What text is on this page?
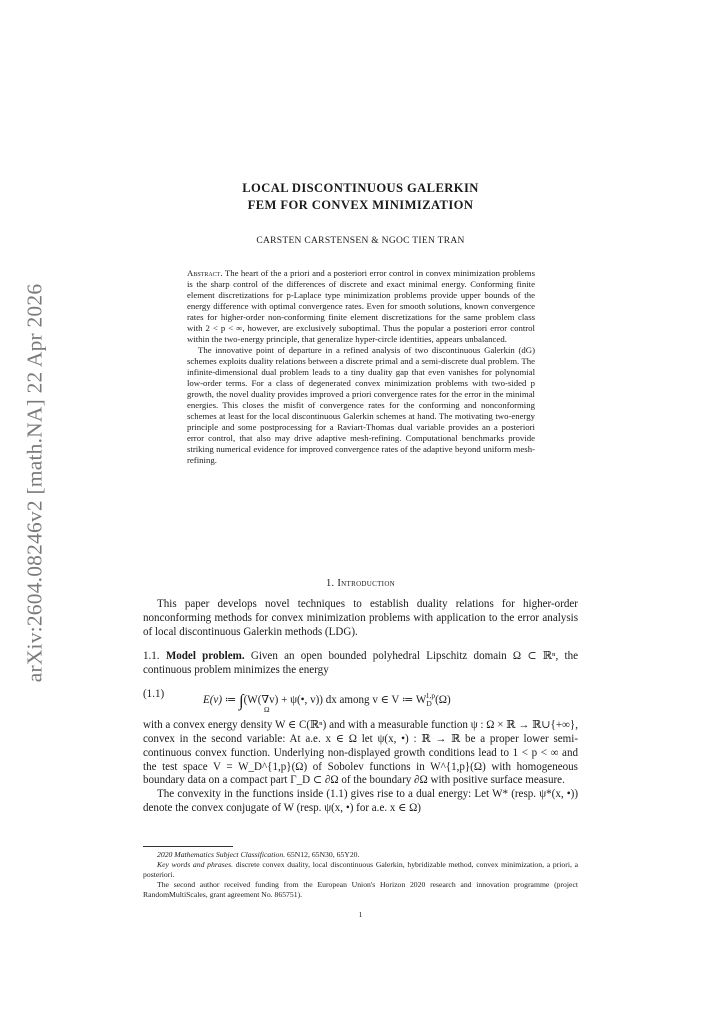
arXiv:2604.08246v2 [math.NA] 22 Apr 2026
LOCAL DISCONTINUOUS GALERKIN
FEM FOR CONVEX MINIMIZATION
CARSTEN CARSTENSEN & NGOC TIEN TRAN

Abstract. The heart of the a priori and a posteriori error control in convex minimization problems is the sharp control of the differences of discrete and exact minimal energy. Conforming finite element discretizations for p-Laplace type minimization problems provide upper bounds of the energy difference with optimal convergence rates. Even for smooth solutions, known convergence rates for higher-order non-conforming finite element discretizations for the same problem class with 2 < p < ∞, however, are exclusively suboptimal. Thus the popular a posteriori error control within the two-energy principle, that generalize hyper-circle identities, appears unbalanced.

The innovative point of departure in a refined analysis of two discontinuous Galerkin (dG) schemes exploits duality relations between a discrete primal and a semi-discrete dual problem. The infinite-dimensional dual problem leads to a tiny duality gap that even vanishes for polynomial low-order terms. For a class of degenerated convex minimization problems with two-sided p growth, the novel duality provides improved a priori convergence rates for the error in the minimal energies. This closes the misfit of convergence rates for the conforming and nonconforming schemes at least for the local discontinuous Galerkin schemes at hand. The motivating two-energy principle and some postprocessing for a Raviart-Thomas dual variable provides an a posteriori error control, that also may drive adaptive mesh-refining. Computational benchmarks provide striking numerical evidence for improved convergence rates of the adaptive beyond uniform mesh-refining.

1. Introduction

This paper develops novel techniques to establish duality relations for higher-order nonconforming methods for convex minimization problems with application to the error analysis of local discontinuous Galerkin methods (LDG).

1.1. Model problem. Given an open bounded polyhedral Lipschitz domain Ω ⊂ ℝⁿ, the continuous problem minimizes the energy

(1.1)	E(v) ≔ ∫(W(∇v) + ψ(•, v)) dx among v ∈ V ≔ $W_D^{1,p}(\Omega)$
Ω

with a convex energy density W ∈ C(ℝⁿ) and with a measurable function ψ : Ω × ℝ → ℝ∪{+∞}, convex in the second variable: At a.e. x ∈ Ω let ψ(x, •) : ℝ → ℝ be a proper lower semi-continuous convex function. Underlying non-displayed growth conditions lead to 1 < p < ∞ and the test space V = W_D^{1,p}(Ω) of Sobolev functions in W^{1,p}(Ω) with homogeneous boundary data on a compact part Γ_D ⊂ ∂Ω of the boundary ∂Ω with positive surface measure.

The convexity in the functions inside (1.1) gives rise to a dual energy: Let W* (resp. ψ*(x, •)) denote the convex conjugate of W (resp. ψ(x, •) for a.e. x ∈ Ω)

2020 Mathematics Subject Classification. 65N12, 65N30, 65Y20.

Key words and phrases. discrete convex duality, local discontinuous Galerkin, hybridizable method, convex minimization, a priori, a posteriori.

The second author received funding from the European Union's Horizon 2020 research and innovation programme (project RandomMultiScales, grant agreement No. 865751).

1
